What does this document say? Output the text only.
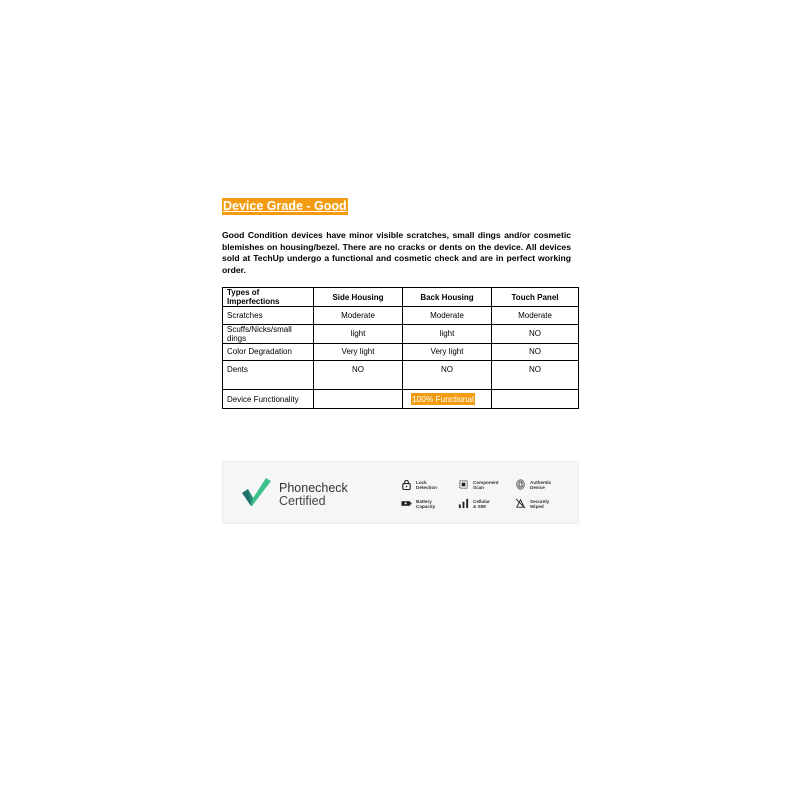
Device Grade - Good
Good Condition devices have minor visible scratches, small dings and/or cosmetic blemishes on housing/bezel. There are no cracks or dents on the device. All devices sold at TechUp undergo a functional and cosmetic check and are in perfect working order.
Types of Imperfections	Side Housing	Back Housing	Touch Panel
Scratches	Moderate	Moderate	Moderate
Scuffs/Nicks/small dings	light	light	NO
Color Degradation	Very light	Very light	NO
Dents	NO	NO	NO
Device Functionality		100% Functional	
Phonecheck
Certified
Lock
Detection
Component
Scan
Authentic
Device
Battery
Capacity
Cellular
& SIM
Securely
Wiped
